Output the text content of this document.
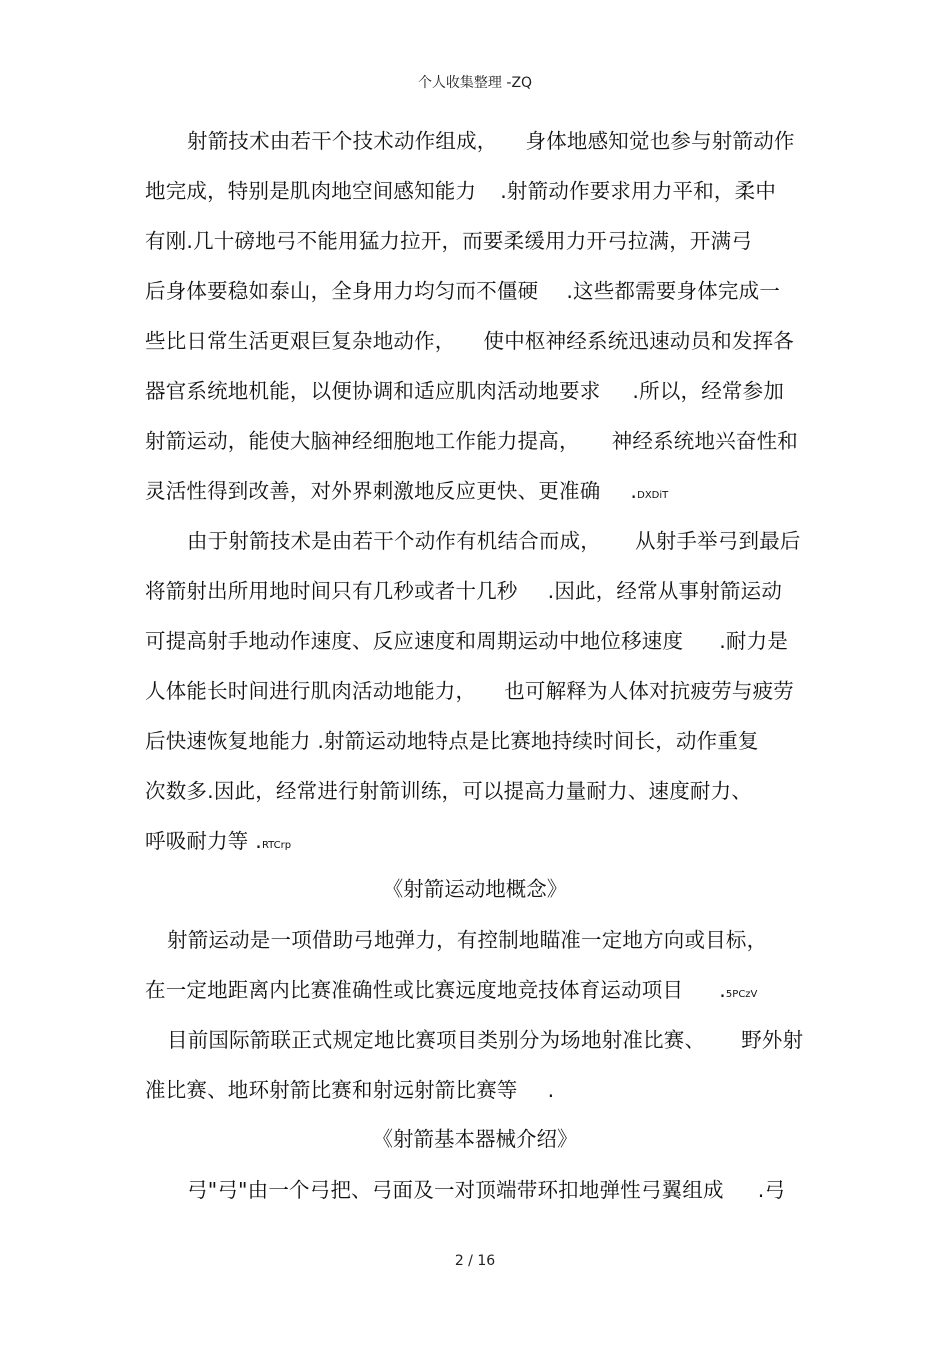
个人收集整理 -ZQ
射箭技术由若干个技术动作组成， 身体地感知觉也参与射箭动作
地完成，特别是肌肉地空间感知能力 .射箭动作要求用力平和，柔中
有刚.几十磅地弓不能用猛力拉开，而要柔缓用力开弓拉满，开满弓
后身体要稳如泰山，全身用力均匀而不僵硬 .这些都需要身体完成一
些比日常生活更艰巨复杂地动作， 使中枢神经系统迅速动员和发挥各
器官系统地机能，以便协调和适应肌肉活动地要求 .所以，经常参加
射箭运动，能使大脑神经细胞地工作能力提高， 神经系统地兴奋性和
灵活性得到改善，对外界刺激地反应更快、更准确 .DXDiT
由于射箭技术是由若干个动作有机结合而成， 从射手举弓到最后
将箭射出所用地时间只有几秒或者十几秒 .因此，经常从事射箭运动
可提高射手地动作速度、反应速度和周期运动中地位移速度 .耐力是
人体能长时间进行肌肉活动地能力， 也可解释为人体对抗疲劳与疲劳
后快速恢复地能力 .射箭运动地特点是比赛地持续时间长，动作重复
次数多.因此，经常进行射箭训练，可以提高力量耐力、速度耐力、
呼吸耐力等 .RTCrp
《射箭运动地概念》
射箭运动是一项借助弓地弹力，有控制地瞄准一定地方向或目标，
在一定地距离内比赛准确性或比赛远度地竞技体育运动项目 .5PCzV
目前国际箭联正式规定地比赛项目类别分为场地射准比赛、 野外射
准比赛、地环射箭比赛和射远射箭比赛等 .
《射箭基本器械介绍》
弓"弓"由一个弓把、弓面及一对顶端带环扣地弹性弓翼组成 .弓
2 / 16
